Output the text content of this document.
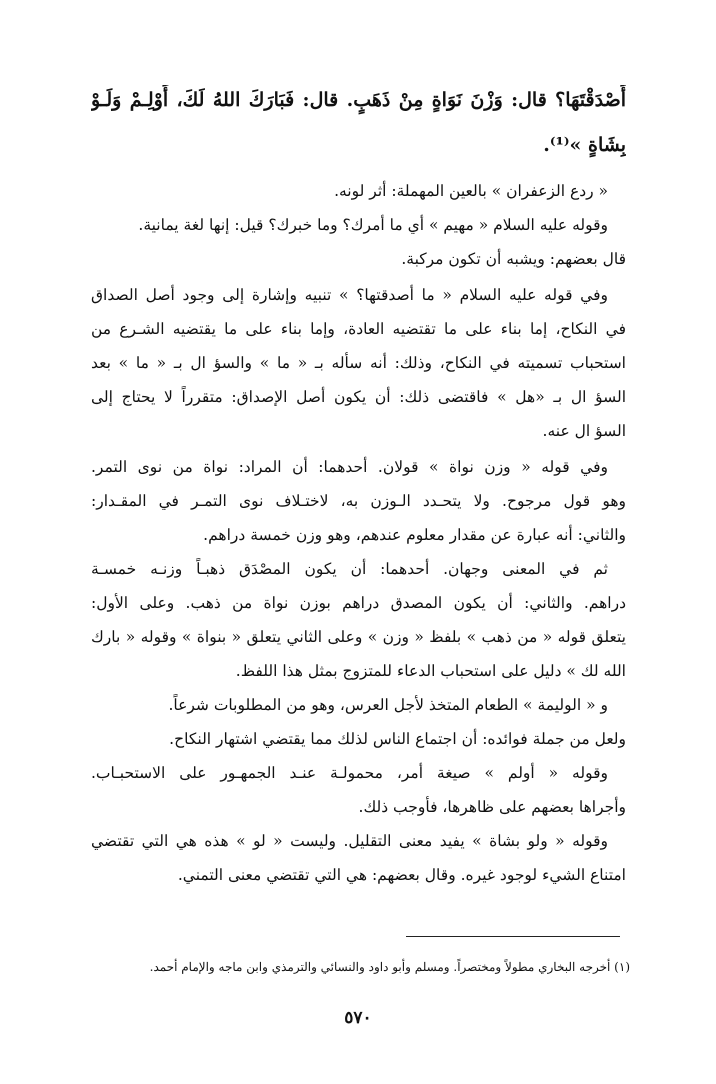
أَصْدَقْتَهَا؟ قال: وَزْنَ نَوَاةٍ مِنْ ذَهَبٍ. قال: فَبَارَكَ اللهُ لَكَ، أَوْلِـمْ وَلَـوْ
بِشَاةٍ »⁽¹⁾.
« ردع الزعفران » بالعين المهملة: أثر لونه.
وقوله عليه السلام « مهيم » أي ما أمرك؟ وما خبرك؟ قيل: إنها لغة يمانية.
قال بعضهم: ويشبه أن تكون مركبة.
وفي قوله عليه السلام « ما أصدقتها؟ » تنبيه وإشارة إلى وجود أصل الصداق
في النكاح، إما بناء على ما تقتضيه العادة، وإما بناء على ما يقتضيه الشـرع من
استحباب تسميته في النكاح، وذلك: أنه سأله بـ « ما » والسؤ ال بـ « ما » بعد
السؤ ال بـ «هل » فاقتضى ذلك: أن يكون أصل الإصداق: متقرراً لا يحتاج إلى
السؤ ال عنه.
وفي قوله « وزن نواة » قولان. أحدهما: أن المراد: نواة من نوى التمر.
وهو قول مرجوح. ولا يتحـدد الـوزن به، لاختـلاف نوى التمـر في المقـدار:
والثاني: أنه عبارة عن مقدار معلوم عندهم، وهو وزن خمسة دراهم.
ثم في المعنى وجهان. أحدهما: أن يكون المصْدَق ذهبـاً وزنـه خمسـة
دراهم. والثاني: أن يكون المصدق دراهم بوزن نواة من ذهب. وعلى الأول:
يتعلق قوله « من ذهب » بلفظ « وزن » وعلى الثاني يتعلق « بنواة » وقوله « بارك
الله لك » دليل على استحباب الدعاء للمتزوج بمثل هذا اللفظ.
و « الوليمة » الطعام المتخذ لأجل العرس، وهو من المطلوبات شرعاً.
ولعل من جملة فوائده: أن اجتماع الناس لذلك مما يقتضي اشتهار النكاح.
وقوله « أولم » صيغة أمر، محمولـة عنـد الجمهـور على الاستحبـاب.
وأجراها بعضهم على ظاهرها، فأوجب ذلك.
وقوله « ولو بشاة » يفيد معنى التقليل. وليست « لو » هذه هي التي تقتضي
امتناع الشيء لوجود غيره. وقال بعضهم: هي التي تقتضي معنى التمني.
(١) أخرجه البخاري مطولاً ومختصراً. ومسلم وأبو داود والنسائي والترمذي وابن ماجه والإمام أحمد.
٥٧٠
